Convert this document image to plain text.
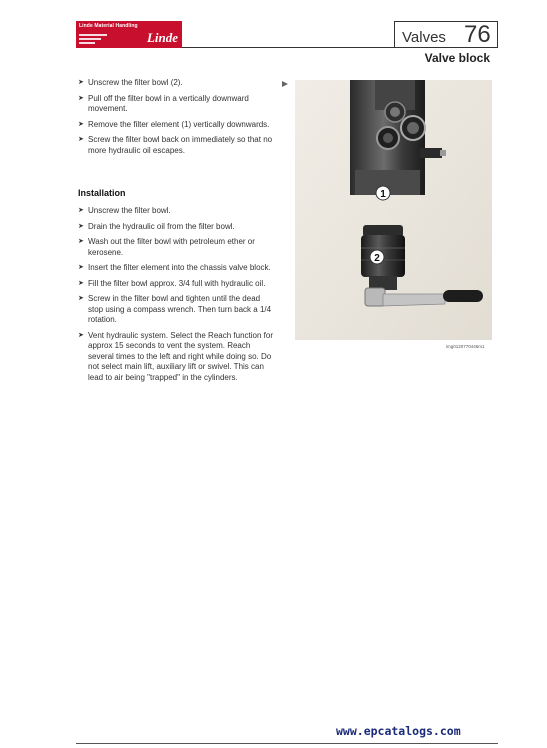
Linde Material Handling
Linde	Valves 76
Valve block
➤ Unscrew the filter bowl (2).
➤ Pull off the filter bowl in a vertically downward movement.
➤ Remove the filter element (1) vertically downwards.
➤ Screw the filter bowl back on immediately so that no more hydraulic oil escapes.
Installation
➤ Unscrew the filter bowl.
➤ Drain the hydraulic oil from the filter bowl.
➤ Wash out the filter bowl with petroleum ether or kerosene.
➤ Insert the filter element into the chassis valve block.
➤ Fill the filter bowl approx. 3/4 full with hydraulic oil.
➤ Screw in the filter bowl and tighten until the dead stop using a compass wrench. Then turn back a 1/4 rotation.
➤ Vent hydraulic system. Select the Reach function for approx 15 seconds to vent the system. Reach several times to the left and right while doing so. Do not select main lift, auxiliary lift or swivel. This can lead to air being "trapped" in the cylinders.
1
2
img0120770446m1
www.epcatalogs.com
